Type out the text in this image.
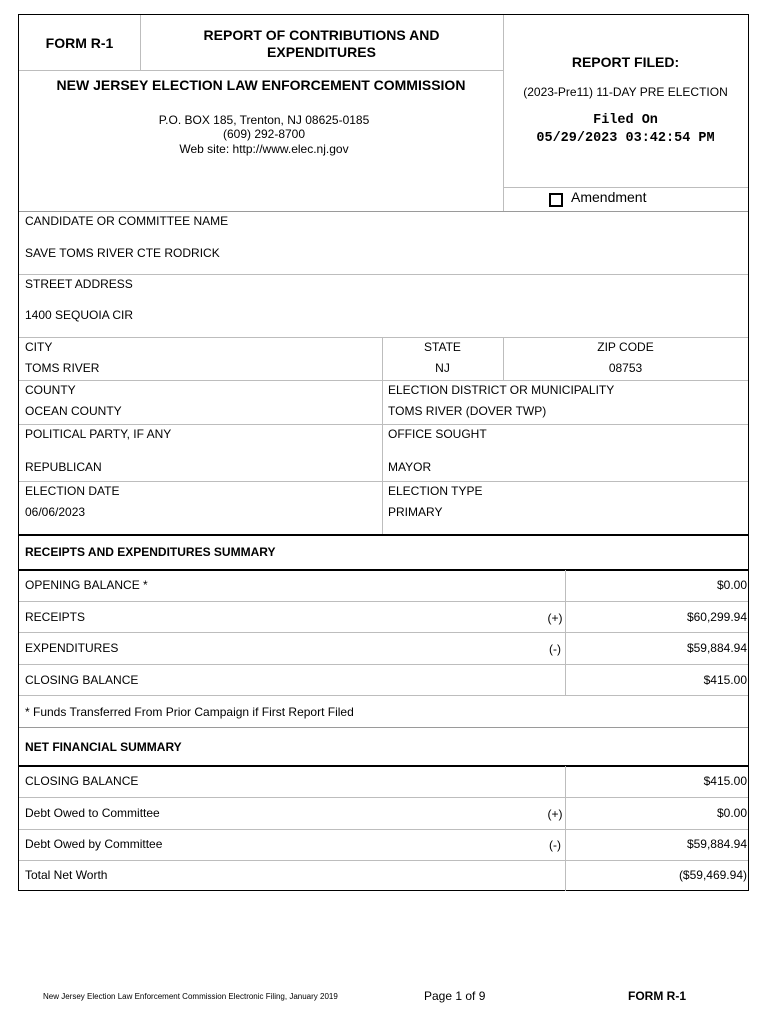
FORM R-1	REPORT OF CONTRIBUTIONS AND
EXPENDITURES
NEW JERSEY ELECTION LAW ENFORCEMENT COMMISSION
P.O. BOX 185, Trenton, NJ 08625-0185
(609) 292-8700
Web site: http://www.elec.nj.gov
REPORT FILED:
(2023-Pre11) 11-DAY PRE ELECTION
Filed On
05/29/2023 03:42:54 PM
Amendment
CANDIDATE OR COMMITTEE NAME
SAVE TOMS RIVER CTE RODRICK
STREET ADDRESS
1400 SEQUOIA CIR
CITY
TOMS RIVER
STATE
NJ
ZIP CODE
08753
COUNTY
OCEAN COUNTY
ELECTION DISTRICT OR MUNICIPALITY
TOMS RIVER (DOVER TWP)
POLITICAL PARTY, IF ANY
REPUBLICAN
OFFICE SOUGHT
MAYOR
ELECTION DATE
06/06/2023
ELECTION TYPE
PRIMARY
RECEIPTS AND EXPENDITURES SUMMARY
OPENING BALANCE *	$0.00
RECEIPTS	(+)	$60,299.94
EXPENDITURES	(-)	$59,884.94
CLOSING BALANCE	$415.00
* Funds Transferred From Prior Campaign if First Report Filed
NET FINANCIAL SUMMARY
CLOSING BALANCE	$415.00
Debt Owed to Committee	(+)	$0.00
Debt Owed by Committee	(-)	$59,884.94
Total Net Worth	($59,469.94)
New Jersey Election Law Enforcement Commission Electronic Filing, January 2019	Page 1 of 9	FORM R-1
